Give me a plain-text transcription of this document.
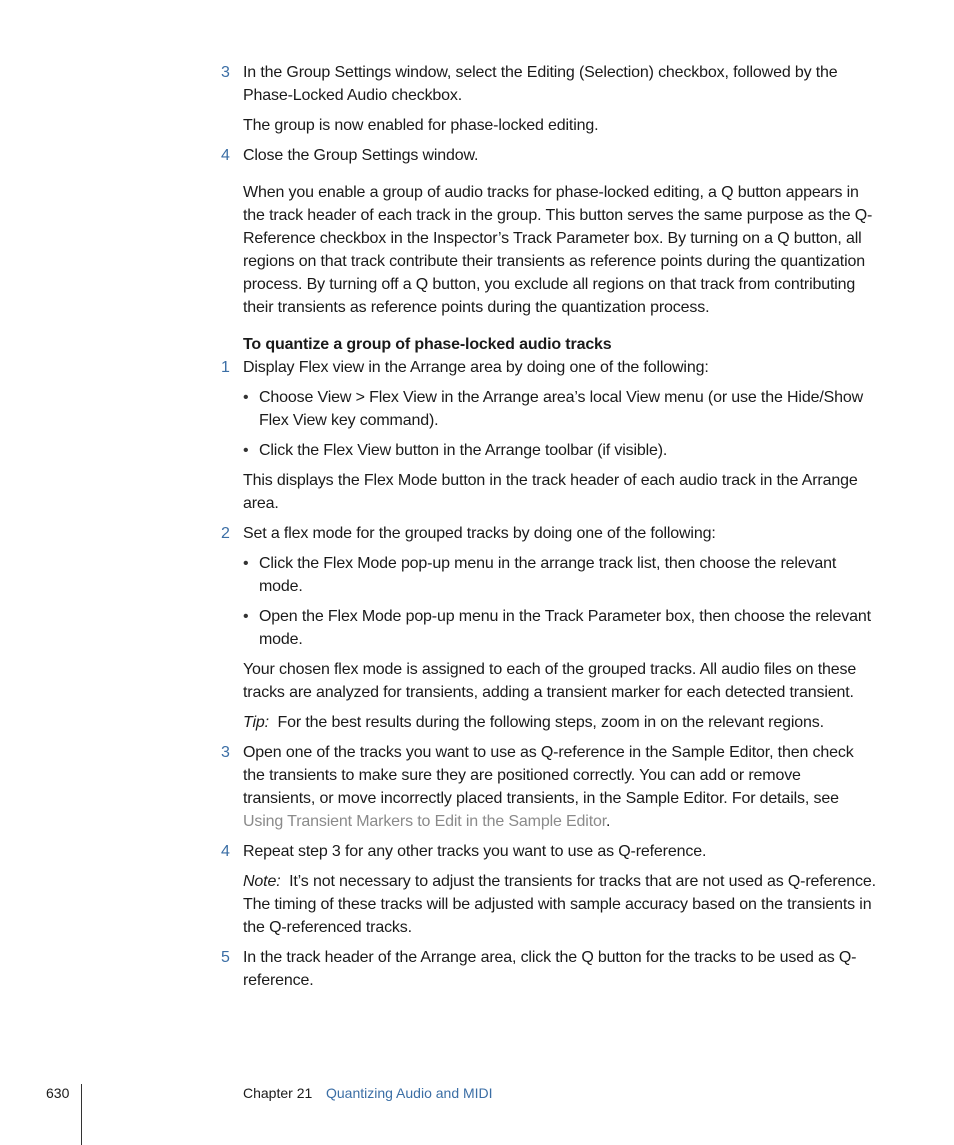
3 In the Group Settings window, select the Editing (Selection) checkbox, followed by the Phase-Locked Audio checkbox.

The group is now enabled for phase-locked editing.

4 Close the Group Settings window.

When you enable a group of audio tracks for phase-locked editing, a Q button appears in the track header of each track in the group. This button serves the same purpose as the Q-Reference checkbox in the Inspector’s Track Parameter box. By turning on a Q button, all regions on that track contribute their transients as reference points during the quantization process. By turning off a Q button, you exclude all regions on that track from contributing their transients as reference points during the quantization process.

To quantize a group of phase-locked audio tracks
1 Display Flex view in the Arrange area by doing one of the following:
• Choose View > Flex View in the Arrange area’s local View menu (or use the Hide/Show Flex View key command).
• Click the Flex View button in the Arrange toolbar (if visible).

This displays the Flex Mode button in the track header of each audio track in the Arrange area.

2 Set a flex mode for the grouped tracks by doing one of the following:
• Click the Flex Mode pop-up menu in the arrange track list, then choose the relevant mode.
• Open the Flex Mode pop-up menu in the Track Parameter box, then choose the relevant mode.

Your chosen flex mode is assigned to each of the grouped tracks. All audio files on these tracks are analyzed for transients, adding a transient marker for each detected transient.

Tip: For the best results during the following steps, zoom in on the relevant regions.

3 Open one of the tracks you want to use as Q-reference in the Sample Editor, then check the transients to make sure they are positioned correctly. You can add or remove transients, or move incorrectly placed transients, in the Sample Editor. For details, see Using Transient Markers to Edit in the Sample Editor.
4 Repeat step 3 for any other tracks you want to use as Q-reference.

Note: It’s not necessary to adjust the transients for tracks that are not used as Q-reference. The timing of these tracks will be adjusted with sample accuracy based on the transients in the Q-referenced tracks.

5 In the track header of the Arrange area, click the Q button for the tracks to be used as Q-reference.
630	Chapter 21 Quantizing Audio and MIDI
